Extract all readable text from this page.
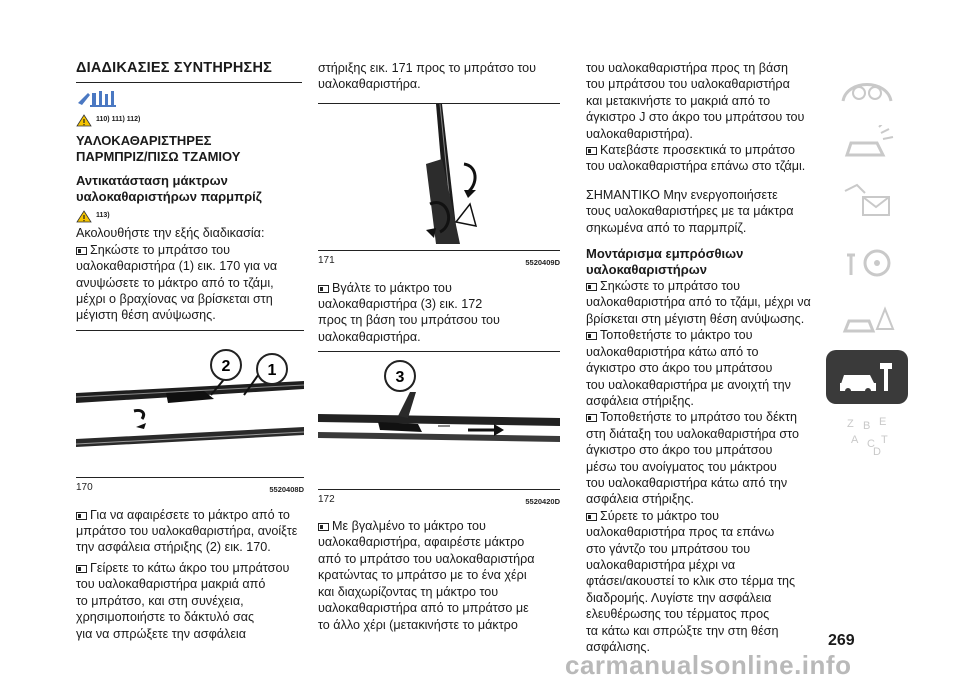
ΔΙΑΔΙΚΑΣΙΕΣ ΣΥΝΤΗΡΗΣΗΣ
110) 111) 112)

ΥΑΛΟΚΑΘΑΡΙΣΤΗΡΕΣ
ΠΑΡΜΠΡΙΖ/ΠΙΣΩ ΤΖΑΜΙΟΥ

Αντικατάσταση μάκτρων
υαλοκαθαριστήρων παρμπρίζ

113)

Ακολουθήστε την εξής διαδικασία:

Σηκώστε το μπράτσο του
υαλοκαθαριστήρα (1) εικ. 170 για να
ανυψώσετε το μάκτρο από το τζάμι,
μέχρι ο βραχίονας να βρίσκεται στη
μέγιστη θέση ανύψωσης.

2 1
170	5520408D

Για να αφαιρέσετε το μάκτρο από το
μπράτσο του υαλοκαθαριστήρα, ανοίξτε
την ασφάλεια στήριξης (2) εικ. 170.

Γείρετε το κάτω άκρο του μπράτσου
του υαλοκαθαριστήρα μακριά από
το μπράτσο, και στη συνέχεια,
χρησιμοποιήστε το δάκτυλό σας
για να σπρώξετε την ασφάλεια

στήριξης εικ. 171 προς το μπράτσο του
υαλοκαθαριστήρα.

171	5520409D

Βγάλτε το μάκτρο του
υαλοκαθαριστήρα (3) εικ. 172
προς τη βάση του μπράτσου του
υαλοκαθαριστήρα.

3
172	5520420D

Με βγαλμένο το μάκτρο του
υαλοκαθαριστήρα, αφαιρέστε μάκτρο
από το μπράτσο του υαλοκαθαριστήρα
κρατώντας το μπράτσο με το ένα χέρι
και διαχωρίζοντας τη μάκτρο του
υαλοκαθαριστήρα από το μπράτσο με
το άλλο χέρι (μετακινήστε το μάκτρο

του υαλοκαθαριστήρα προς τη βάση
του μπράτσου του υαλοκαθαριστήρα
και μετακινήστε το μακριά από το
άγκιστρο J στο άκρο του μπράτσου του
υαλοκαθαριστήρα).

Κατεβάστε προσεκτικά το μπράτσο
του υαλοκαθαριστήρα επάνω στο τζάμι.

ΣΗΜΑΝΤΙΚΟ Μην ενεργοποιήσετε
τους υαλοκαθαριστήρες με τα μάκτρα
σηκωμένα από το παρμπρίζ.

Μοντάρισμα εμπρόσθιων
υαλοκαθαριστήρων

Σηκώστε το μπράτσο του
υαλοκαθαριστήρα από το τζάμι, μέχρι να
βρίσκεται στη μέγιστη θέση ανύψωσης.

Τοποθετήστε το μάκτρο του
υαλοκαθαριστήρα κάτω από το
άγκιστρο στο άκρο του μπράτσου
του υαλοκαθαριστήρα με ανοιχτή την
ασφάλεια στήριξης.

Τοποθετήστε το μπράτσο του δέκτη
στη διάταξη του υαλοκαθαριστήρα στο
άγκιστρο στο άκρο του μπράτσου
μέσω του ανοίγματος του μάκτρου
του υαλοκαθαριστήρα κάτω από την
ασφάλεια στήριξης.

Σύρετε το μάκτρο του
υαλοκαθαριστήρα προς τα επάνω
στο γάντζο του μπράτσου του
υαλοκαθαριστήρα μέχρι να
φτάσει/ακουστεί το κλικ στο τέρμα της
διαδρομής. Λυγίστε την ασφάλεια
ελευθέρωσης του τέρματος προς
τα κάτω και σπρώξτε την στη θέση
ασφάλισης.

Z B E
A C T
D
269
carmanualsonline.info
